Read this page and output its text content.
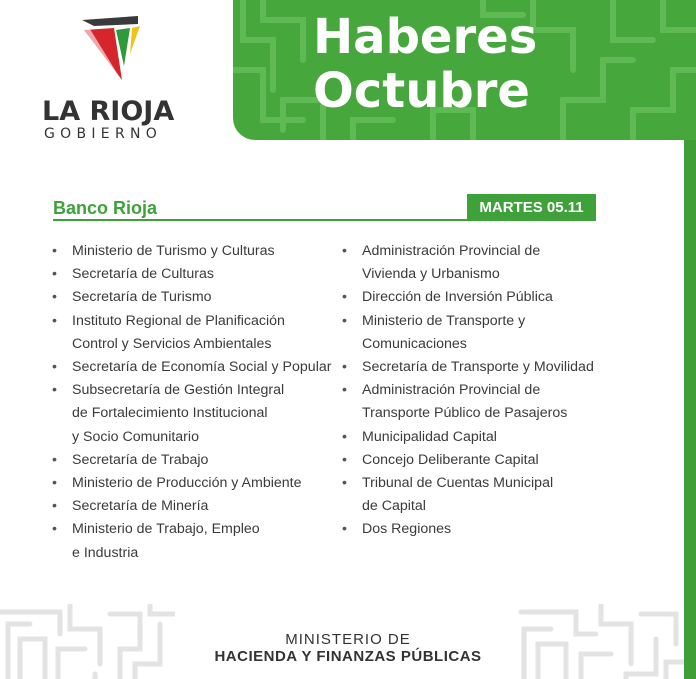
LA RIOJA
GOBIERNO
Haberes
Octubre
Banco Rioja	MARTES 05.11
• Ministerio de Turismo y Culturas
• Secretaría de Culturas
• Secretaría de Turismo
• Instituto Regional de Planificación
Control y Servicios Ambientales
• Secretaría de Economía Social y Popular
• Subsecretaría de Gestión Integral
de Fortalecimiento Institucional
y Socio Comunitario
• Secretaría de Trabajo
• Ministerio de Producción y Ambiente
• Secretaría de Minería
• Ministerio de Trabajo, Empleo
e Industria
• Administración Provincial de
Vivienda y Urbanismo
• Dirección de Inversión Pública
• Ministerio de Transporte y
Comunicaciones
• Secretaría de Transporte y Movilidad
• Administración Provincial de
Transporte Público de Pasajeros
• Municipalidad Capital
• Concejo Deliberante Capital
• Tribunal de Cuentas Municipal
de Capital
• Dos Regiones
MINISTERIO DE
HACIENDA Y FINANZAS PÚBLICAS
